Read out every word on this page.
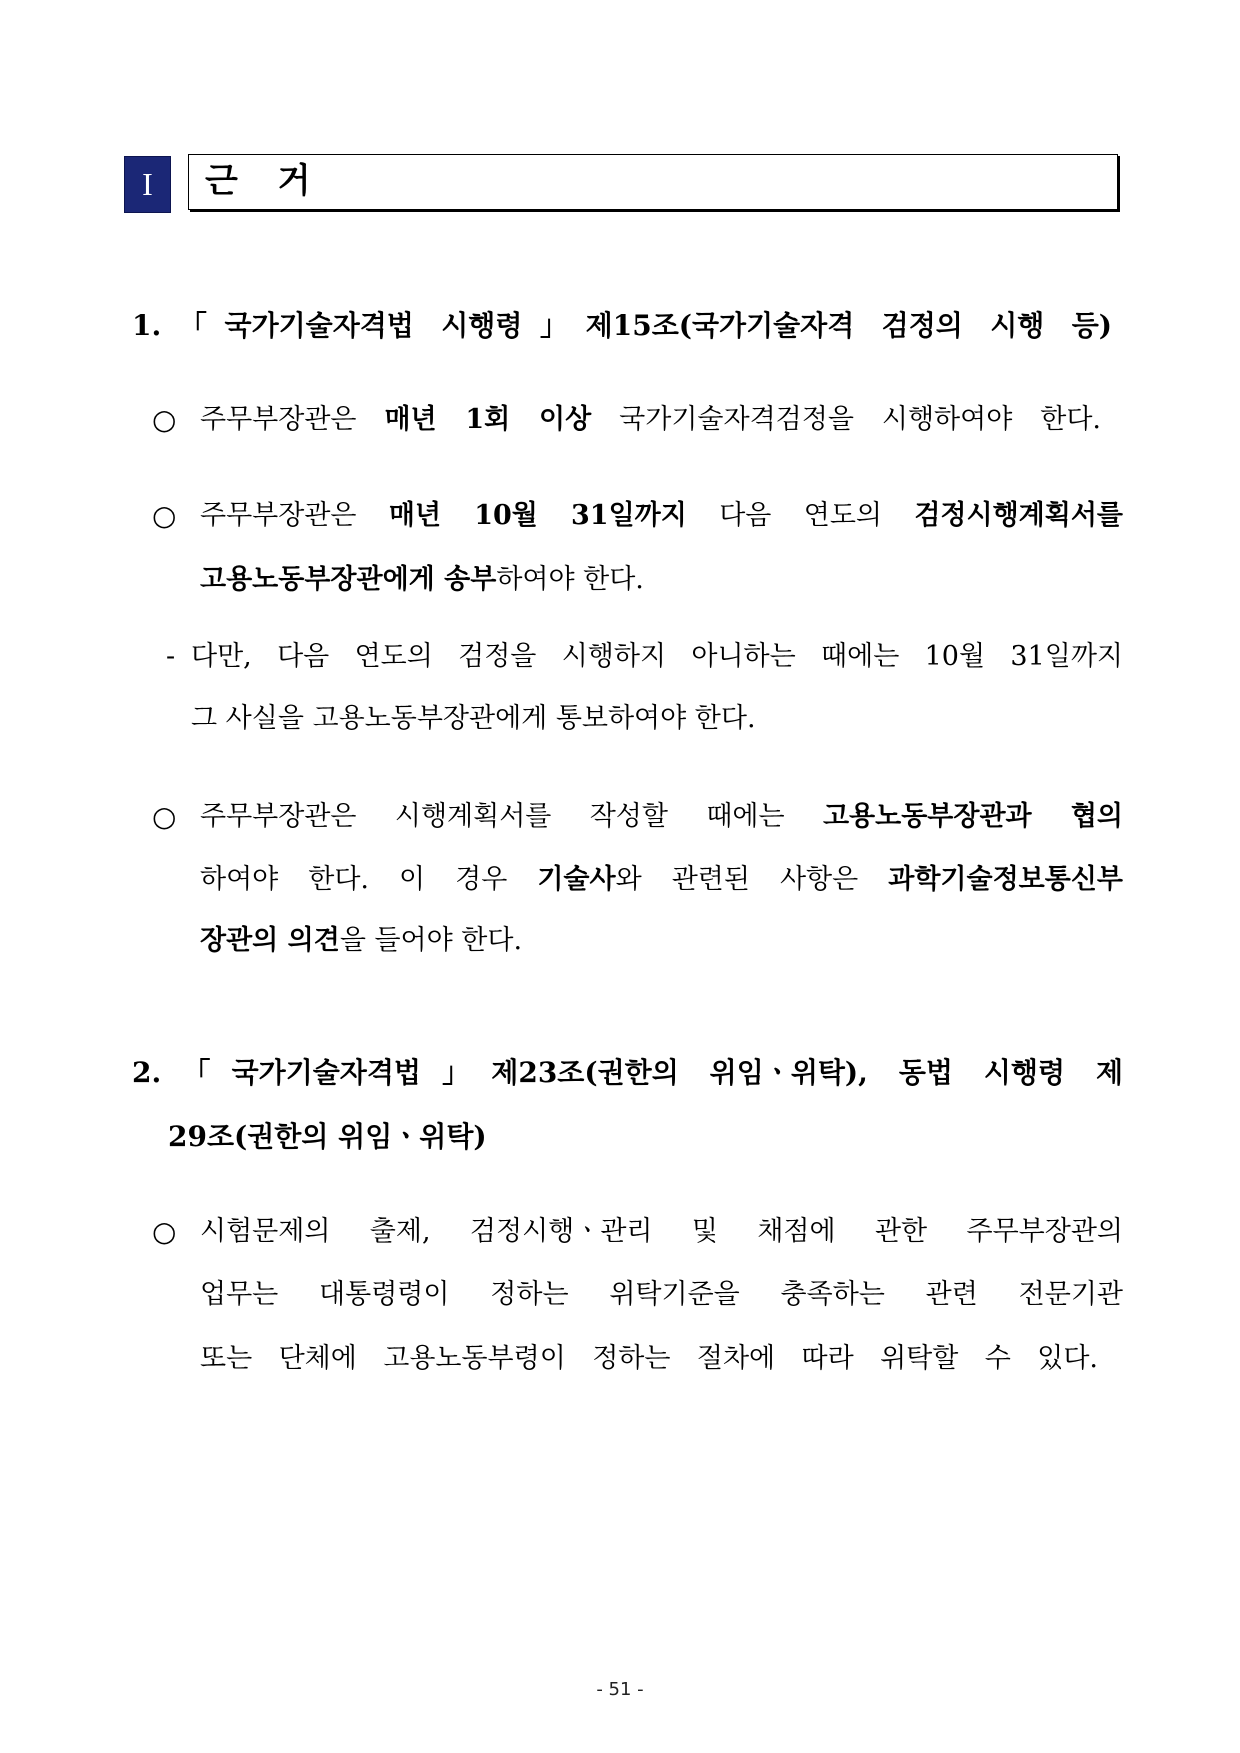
I	근 거
1.「국가기술자격법 시행령」제15조(국가기술자격 검정의 시행 등)
○ 주무부장관은 매년 1회 이상 국가기술자격검정을 시행하여야 한다.
○ 주무부장관은 매년 10월 31일까지 다음 연도의 검정시행계획서를
고용노동부장관에게 송부하여야 한다.
- 다만, 다음 연도의 검정을 시행하지 아니하는 때에는 10월 31일까지
그 사실을 고용노동부장관에게 통보하여야 한다.
○ 주무부장관은 시행계획서를 작성할 때에는 고용노동부장관과 협의
하여야 한다. 이 경우 기술사와 관련된 사항은 과학기술정보통신부
장관의 의견을 들어야 한다.
2.「국가기술자격법」제23조(권한의 위임ㆍ위탁), 동법 시행령 제
29조(권한의 위임ㆍ위탁)
○ 시험문제의 출제, 검정시행ㆍ관리 및 채점에 관한 주무부장관의
업무는 대통령령이 정하는 위탁기준을 충족하는 관련 전문기관
또는 단체에 고용노동부령이 정하는 절차에 따라 위탁할 수 있다.
- 51 -
